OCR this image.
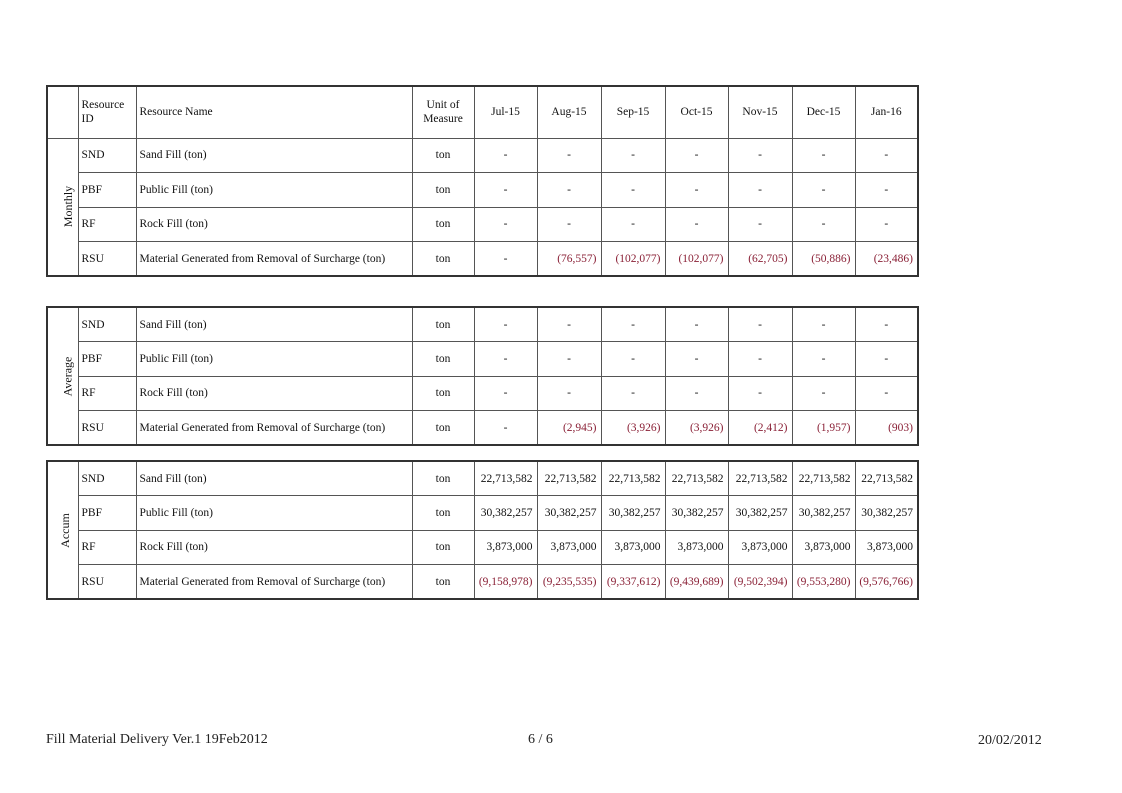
	Resource ID	Resource Name	Unit of Measure	Jul-15	Aug-15	Sep-15	Oct-15	Nov-15	Dec-15	Jan-16
Monthly	SND	Sand Fill (ton)	ton	-	-	-	-	-	-	-
	PBF	Public Fill (ton)	ton	-	-	-	-	-	-	-
	RF	Rock Fill (ton)	ton	-	-	-	-	-	-	-
	RSU	Material Generated from Removal of Surcharge (ton)	ton	-	(76,557)	(102,077)	(102,077)	(62,705)	(50,886)	(23,486)
Average	SND	Sand Fill (ton)	ton	-	-	-	-	-	-	-
	PBF	Public Fill (ton)	ton	-	-	-	-	-	-	-
	RF	Rock Fill (ton)	ton	-	-	-	-	-	-	-
	RSU	Material Generated from Removal of Surcharge (ton)	ton	-	(2,945)	(3,926)	(3,926)	(2,412)	(1,957)	(903)
Accum	SND	Sand Fill (ton)	ton	22,713,582	22,713,582	22,713,582	22,713,582	22,713,582	22,713,582	22,713,582
	PBF	Public Fill (ton)	ton	30,382,257	30,382,257	30,382,257	30,382,257	30,382,257	30,382,257	30,382,257
	RF	Rock Fill (ton)	ton	3,873,000	3,873,000	3,873,000	3,873,000	3,873,000	3,873,000	3,873,000
	RSU	Material Generated from Removal of Surcharge (ton)	ton	(9,158,978)	(9,235,535)	(9,337,612)	(9,439,689)	(9,502,394)	(9,553,280)	(9,576,766)
Fill Material Delivery Ver.1 19Feb2012	6 / 6	20/02/2012
